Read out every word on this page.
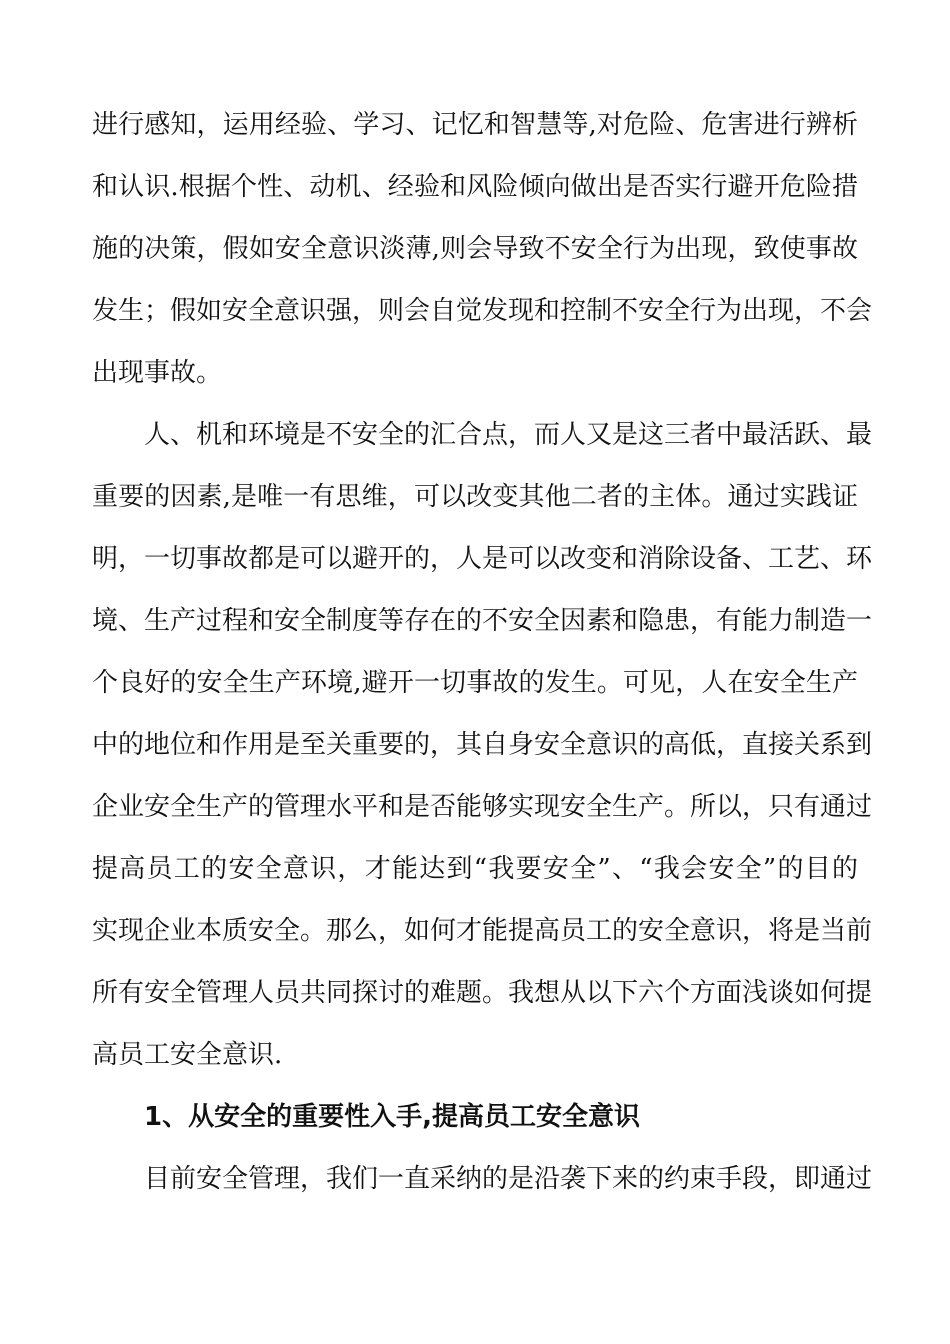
进行感知，运用经验、学习、记忆和智慧等,对危险、危害进行辨析
和认识.根据个性、动机、经验和风险倾向做出是否实行避开危险措
施的决策，假如安全意识淡薄,则会导致不安全行为出现，致使事故
发生；假如安全意识强，则会自觉发现和控制不安全行为出现，不会
出现事故。
人、机和环境是不安全的汇合点，而人又是这三者中最活跃、最
重要的因素,是唯一有思维，可以改变其他二者的主体。通过实践证
明，一切事故都是可以避开的，人是可以改变和消除设备、工艺、环
境、生产过程和安全制度等存在的不安全因素和隐患，有能力制造一
个良好的安全生产环境,避开一切事故的发生。可见，人在安全生产
中的地位和作用是至关重要的，其自身安全意识的高低，直接关系到
企业安全生产的管理水平和是否能够实现安全生产。所以，只有通过
提高员工的安全意识，才能达到“我要安全”、“我会安全”的目的
实现企业本质安全。那么，如何才能提高员工的安全意识，将是当前
所有安全管理人员共同探讨的难题。我想从以下六个方面浅谈如何提
高员工安全意识.
1、从安全的重要性入手,提高员工安全意识
目前安全管理，我们一直采纳的是沿袭下来的约束手段，即通过
